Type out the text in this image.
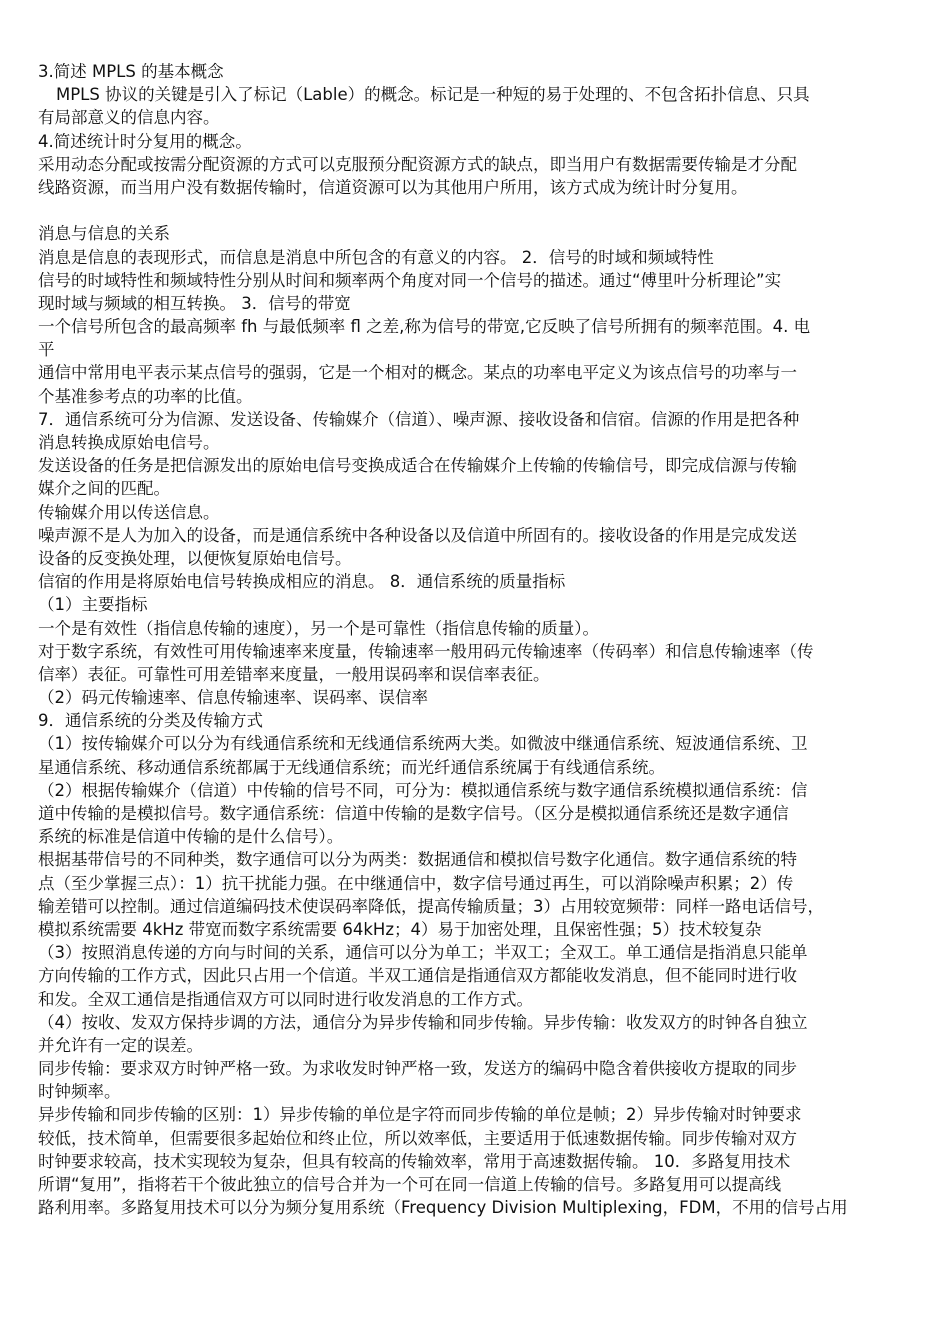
3.简述 MPLS 的基本概念
MPLS 协议的关键是引入了标记（Lable）的概念。标记是一种短的易于处理的、不包含拓扑信息、只具
有局部意义的信息内容。
4.简述统计时分复用的概念。
采用动态分配或按需分配资源的方式可以克服预分配资源方式的缺点，即当用户有数据需要传输是才分配
线路资源，而当用户没有数据传输时，信道资源可以为其他用户所用，该方式成为统计时分复用。
消息与信息的关系
消息是信息的表现形式，而信息是消息中所包含的有意义的内容。 2．信号的时域和频域特性
信号的时域特性和频域特性分别从时间和频率两个角度对同一个信号的描述。通过“傅里叶分析理论”实
现时域与频域的相互转换。 3．信号的带宽
一个信号所包含的最高频率 fh 与最低频率 fl 之差,称为信号的带宽,它反映了信号所拥有的频率范围。4. 电
平
通信中常用电平表示某点信号的强弱，它是一个相对的概念。某点的功率电平定义为该点信号的功率与一
个基准参考点的功率的比值。
7．通信系统可分为信源、发送设备、传输媒介（信道）、噪声源、接收设备和信宿。信源的作用是把各种
消息转换成原始电信号。
发送设备的任务是把信源发出的原始电信号变换成适合在传输媒介上传输的传输信号，即完成信源与传输
媒介之间的匹配。
传输媒介用以传送信息。
噪声源不是人为加入的设备，而是通信系统中各种设备以及信道中所固有的。接收设备的作用是完成发送
设备的反变换处理，以便恢复原始电信号。
信宿的作用是将原始电信号转换成相应的消息。 8．通信系统的质量指标
（1）主要指标
一个是有效性（指信息传输的速度），另一个是可靠性（指信息传输的质量）。
对于数字系统，有效性可用传输速率来度量，传输速率一般用码元传输速率（传码率）和信息传输速率（传
信率）表征。可靠性可用差错率来度量，一般用误码率和误信率表征。
（2）码元传输速率、信息传输速率、误码率、误信率
9．通信系统的分类及传输方式
（1）按传输媒介可以分为有线通信系统和无线通信系统两大类。如微波中继通信系统、短波通信系统、卫
星通信系统、移动通信系统都属于无线通信系统；而光纤通信系统属于有线通信系统。
（2）根据传输媒介（信道）中传输的信号不同，可分为：模拟通信系统与数字通信系统模拟通信系统：信
道中传输的是模拟信号。数字通信系统：信道中传输的是数字信号。（区分是模拟通信系统还是数字通信
系统的标准是信道中传输的是什么信号）。
根据基带信号的不同种类，数字通信可以分为两类：数据通信和模拟信号数字化通信。数字通信系统的特
点（至少掌握三点）：1）抗干扰能力强。在中继通信中，数字信号通过再生，可以消除噪声积累；2）传
输差错可以控制。通过信道编码技术使误码率降低，提高传输质量；3）占用较宽频带：同样一路电话信号，
模拟系统需要 4kHz 带宽而数字系统需要 64kHz；4）易于加密处理，且保密性强；5）技术较复杂
（3）按照消息传递的方向与时间的关系，通信可以分为单工；半双工；全双工。单工通信是指消息只能单
方向传输的工作方式，因此只占用一个信道。半双工通信是指通信双方都能收发消息，但不能同时进行收
和发。全双工通信是指通信双方可以同时进行收发消息的工作方式。
（4）按收、发双方保持步调的方法，通信分为异步传输和同步传输。异步传输：收发双方的时钟各自独立
并允许有一定的误差。
同步传输：要求双方时钟严格一致。为求收发时钟严格一致，发送方的编码中隐含着供接收方提取的同步
时钟频率。
异步传输和同步传输的区别：1）异步传输的单位是字符而同步传输的单位是帧；2）异步传输对时钟要求
较低，技术简单，但需要很多起始位和终止位，所以效率低，主要适用于低速数据传输。同步传输对双方
时钟要求较高，技术实现较为复杂，但具有较高的传输效率，常用于高速数据传输。 10．多路复用技术
所谓“复用”，指将若干个彼此独立的信号合并为一个可在同一信道上传输的信号。多路复用可以提高线
路利用率。多路复用技术可以分为频分复用系统（Frequency Division Multiplexing，FDM，不用的信号占用
